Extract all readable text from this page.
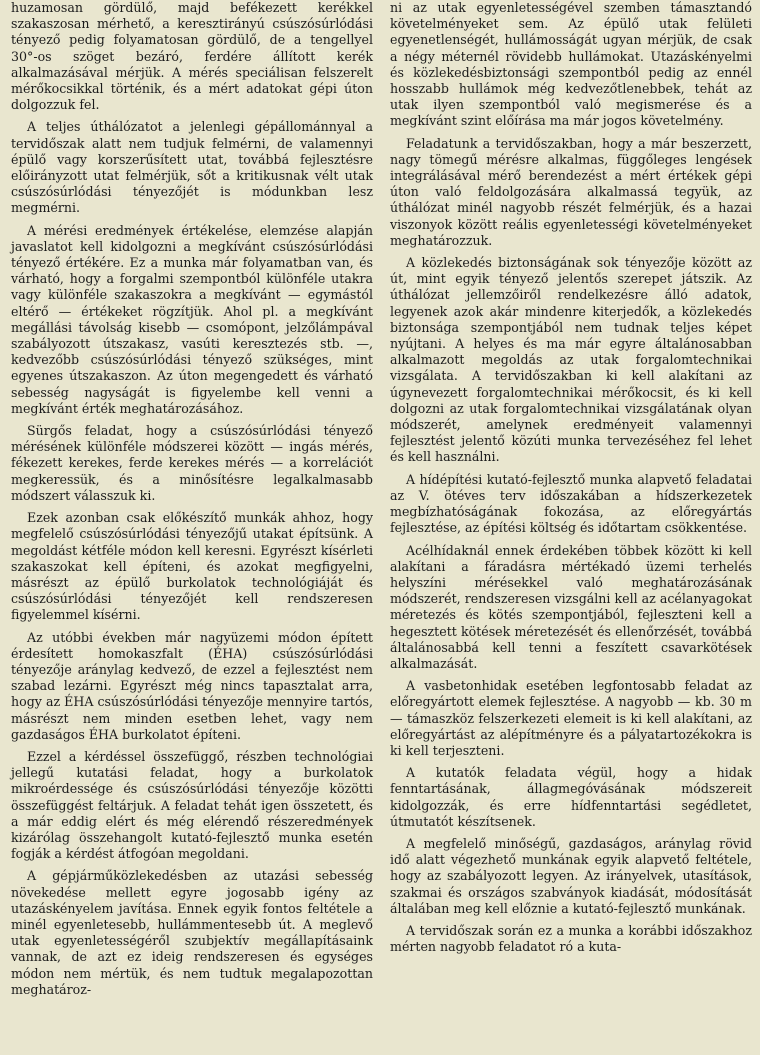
huzamosan gördülő, majd befékezett kerékkel szakaszosan mérhető, a keresztirányú csúszósúrlódási tényező pedig folyamatosan gördülő, de a tengellyel 30°-os szöget bezáró, ferdére állított kerék alkalmazásával mérjük. A mérés speciálisan felszerelt mérőkocsikkal történik, és a mért adatokat gépi úton dolgozzuk fel.

A teljes úthálózatot a jelenlegi gépállománnyal a tervidőszak alatt nem tudjuk felmérni, de valamennyi épülő vagy korszerűsített utat, továbbá fejlesztésre előirányzott utat felmérjük, sőt a kritikusnak vélt utak csúszósúrlódási tényezőjét is módunkban lesz megmérni.

A mérési eredmények értékelése, elemzése alapján javaslatot kell kidolgozni a megkívánt csúszósúrlódási tényező értékére. Ez a munka már folyamatban van, és várható, hogy a forgalmi szempontból különféle utakra vagy különféle szakaszokra a megkívánt — egymástól eltérő — értékeket rögzítjük. Ahol pl. a megkívánt megállási távolság kisebb — csomópont, jelzőlámpával szabályozott útszakasz, vasúti keresztezés stb. —, kedvezőbb csúszósúrlódási tényező szükséges, mint egyenes útszakaszon. Az úton megengedett és várható sebesség nagyságát is figyelembe kell venni a megkívánt érték meghatározásához.

Sürgős feladat, hogy a csúszósúrlódási tényező mérésének különféle módszerei között — ingás mérés, fékezett kerekes, ferde kerekes mérés — a korrelációt megkeressük, és a minősítésre legalkalmasabb módszert válasszuk ki.

Ezek azonban csak előkészítő munkák ahhoz, hogy megfelelő csúszósúrlódási tényezőjű utakat építsünk. A megoldást kétféle módon kell keresni. Egyrészt kísérleti szakaszokat kell építeni, és azokat megfigyelni, másrészt az épülő burkolatok technológiáját és csúszósúrlódási tényezőjét kell rendszeresen figyelemmel kísérni.

Az utóbbi években már nagyüzemi módon épített érdesített homokaszfalt (ÉHA) csúszósúrlódási tényezője aránylag kedvező, de ezzel a fejlesztést nem szabad lezárni. Egyrészt még nincs tapasztalat arra, hogy az ÉHA csúszósúrlódási tényezője mennyire tartós, másrészt nem minden esetben lehet, vagy nem gazdaságos ÉHA burkolatot építeni.

Ezzel a kérdéssel összefüggő, részben technológiai jellegű kutatási feladat, hogy a burkolatok mikroérdessége és csúszósúrlódási tényezője közötti összefüggést feltárjuk. A feladat tehát igen összetett, és a már eddig elért és még elérendő részeredmények kizárólag összehangolt kutató-fejlesztő munka esetén fogják a kérdést átfogóan megoldani.

A gépjárműközlekedésben az utazási sebesség növekedése mellett egyre jogosabb igény az utazáskényelem javítása. Ennek egyik fontos feltétele a minél egyenletesebb, hullámmentesebb út. A meglevő utak egyenletességéről szubjektív megállapításaink vannak, de azt ez ideig rendszeresen és egységes módon nem mértük, és nem tudtuk megalapozottan meghatároz-

ni az utak egyenletességével szemben támasztandó követelményeket sem. Az épülő utak felületi egyenetlenségét, hullámosságát ugyan mérjük, de csak a négy méternél rövidebb hullámokat. Utazáskényelmi és közlekedésbiztonsági szempontból pedig az ennél hosszabb hullámok még kedvezőtlenebbek, tehát az utak ilyen szempontból való megismerése és a megkívánt szint előírása ma már jogos követelmény.

Feladatunk a tervidőszakban, hogy a már beszerzett, nagy tömegű mérésre alkalmas, függőleges lengések integrálásával mérő berendezést a mért értékek gépi úton való feldolgozására alkalmassá tegyük, az úthálózat minél nagyobb részét felmérjük, és a hazai viszonyok között reális egyenletességi követelményeket meghatározzuk.

A közlekedés biztonságának sok tényezője között az út, mint egyik tényező jelentős szerepet játszik. Az úthálózat jellemzőiről rendelkezésre álló adatok, legyenek azok akár mindenre kiterjedők, a közlekedés biztonsága szempontjából nem tudnak teljes képet nyújtani. A helyes és ma már egyre általánosabban alkalmazott megoldás az utak forgalomtechnikai vizsgálata. A tervidőszakban ki kell alakítani az úgynevezett forgalomtechnikai mérőkocsit, és ki kell dolgozni az utak forgalomtechnikai vizsgálatának olyan módszerét, amelynek eredményeit valamennyi fejlesztést jelentő közúti munka tervezéséhez fel lehet és kell használni.

A hídépítési kutató-fejlesztő munka alapvető feladatai az V. ötéves terv időszakában a hídszerkezetek megbízhatóságának fokozása, az előregyártás fejlesztése, az építési költség és időtartam csökkentése.

Acélhídaknál ennek érdekében többek között ki kell alakítani a fáradásra mértékadó üzemi terhelés helyszíni mérésekkel való meghatározásának módszerét, rendszeresen vizsgálni kell az acélanyagokat méretezés és kötés szempontjából, fejleszteni kell a hegesztett kötések méretezését és ellenőrzését, továbbá általánosabbá kell tenni a feszített csavarkötések alkalmazását.

A vasbetonhidak esetében legfontosabb feladat az előregyártott elemek fejlesztése. A nagyobb — kb. 30 m — támaszköz felszerkezeti elemeit is ki kell alakítani, az előregyártást az alépítményre és a pályatartozékokra is ki kell terjeszteni.

A kutatók feladata végül, hogy a hidak fenntartásának, állagmegóvásának módszereit kidolgozzák, és erre hídfenntartási segédletet, útmutatót készítsenek.

A megfelelő minőségű, gazdaságos, aránylag rövid idő alatt végezhető munkának egyik alapvető feltétele, hogy az szabályozott legyen. Az irányelvek, utasítások, szakmai és országos szabványok kiadását, módosítását általában meg kell előznie a kutató-fejlesztő munkának.

A tervidőszak során ez a munka a korábbi időszakhoz mérten nagyobb feladatot ró a kuta-
